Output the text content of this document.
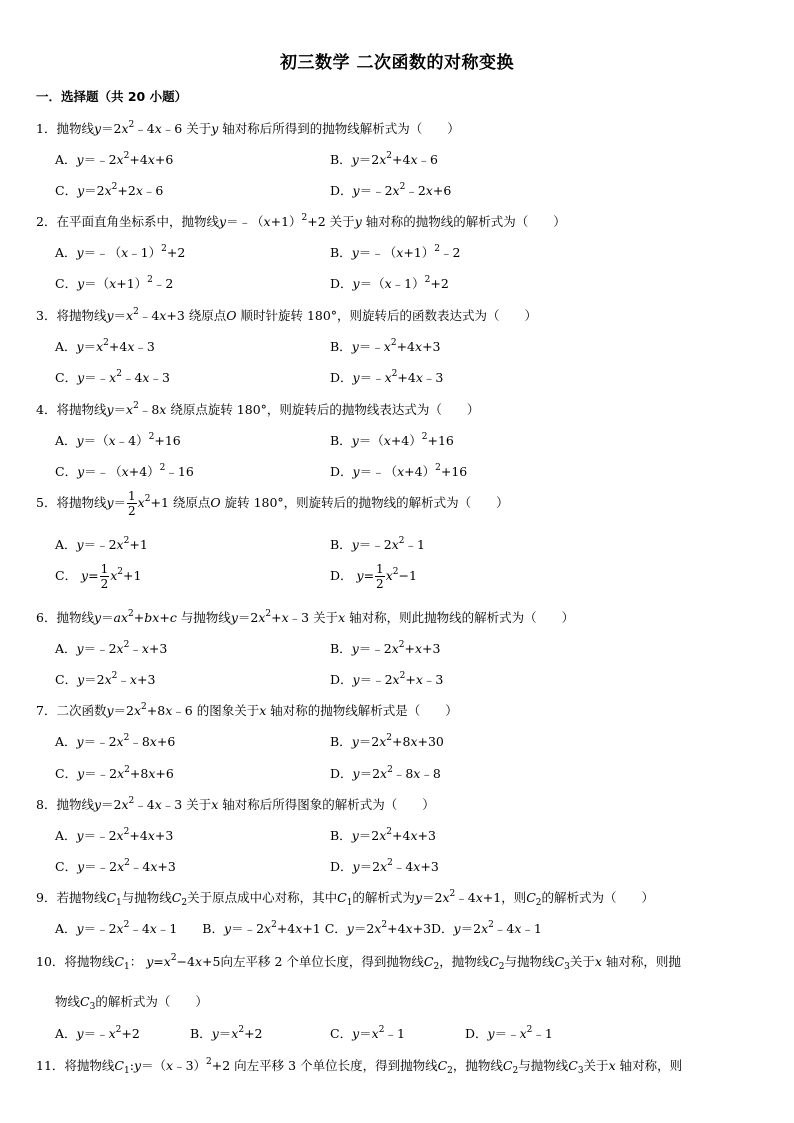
初三数学 二次函数的对称变换
一．选择题（共 20 小题）
1．抛物线$y=2x^2﹣4x﹣6$ 关于y 轴对称后所得到的抛物线解析式为（　　）
A．$y=﹣2x^2+4x+6$	B．$y=2x^2+4x﹣6$
C．$y=2x^2+2x﹣6$	D．$y=﹣2x^2﹣2x+6$
2．在平面直角坐标系中，抛物线$y=﹣(x+1)^2+2$ 关于y 轴对称的抛物线的解析式为（　　）
A．y＝﹣（x﹣1）$^2$+2	B．$y=﹣(x+1)^2﹣2$
C．$y=(x+1)^2﹣2$	D．y＝（x﹣1）$^2$+2
3．将抛物线$y=x^2﹣4x+3$ 绕原点O 顺时针旋转 180°，则旋转后的函数表达式为（　　）
A．$y=x^2+4x﹣3$	B．$y=﹣x^2+4x+3$
C．$y=﹣x^2﹣4x﹣3$	D．$y=﹣x^2+4x﹣3$
4．将抛物线$y=x^2﹣8x$ 绕原点旋转 180°，则旋转后的抛物线表达式为（　　）
A．y＝（x﹣4）$^2$+16	B．$y=(x+4)^2+16$
C．$y=﹣(x+4)^2﹣16$	D．$y=﹣(x+4)^2+16$
5．将抛物线$y= \frac{1}{2} x^2+1$ 绕原点O 旋转 180°，则旋转后的抛物线的解析式为（　　）
A．$y=﹣2x^2+1$	B．$y=﹣2x^2﹣1$
C． $y= \frac{1}{2} x^2+1$	D． $y= \frac{1}{2} x^2-1$
6．抛物线$y=ax^2+bx+c$ 与抛物线$y=2x^2+x﹣3$ 关于x 轴对称，则此抛物线的解析式为（　　）
A．$y=﹣2x^2﹣x+3$	B．$y=﹣2x^2+x+3$
C．$y=2x^2﹣x+3$	D．$y=﹣2x^2+x﹣3$
7．二次函数$y=2x^2+8x﹣6$ 的图象关于x 轴对称的抛物线解析式是（　　）
A．$y=﹣2x^2﹣8x+6$	B．$y=2x^2+8x+30$
C．$y=﹣2x^2+8x+6$	D．$y=2x^2﹣8x﹣8$
8．抛物线$y=2x^2﹣4x﹣3$ 关于x 轴对称后所得图象的解析式为（　　）
A．$y=﹣2x^2+4x+3$	B．$y=2x^2+4x+3$
C．$y=﹣2x^2﹣4x+3$	D．$y=2x^2﹣4x+3$
9．若抛物线$C_1$与抛物线$C_2$关于原点成中心对称，其中$C_1$的解析式为$y=2x^2﹣4x+1$，则$C_2$的解析式为（　　）
A．$y=﹣2x^2﹣4x﹣1$　　B．$y=﹣2x^2+4x+1$ C．$y=2x^2+4x+3D$．$y=2x^2﹣4x﹣1$
10．将抛物线$C_1$： $y=x^2-4x+5$向左平移 2 个单位长度，得到抛物线$C_2$，抛物线$C_2$与抛物线$C_3$关于x 轴对称，则抛
物线$C_3$的解析式为（　　）
A．$y=﹣x^2+2$	B．$y=x^2+2$	C．$y=x^2﹣1$	D．$y=﹣x^2﹣1$
11．将抛物线$C_1:y=(x﹣3)^2+2$ 向左平移 3 个单位长度，得到抛物线$C_2$，抛物线$C_2$与抛物线$C_3$关于x 轴对称，则
